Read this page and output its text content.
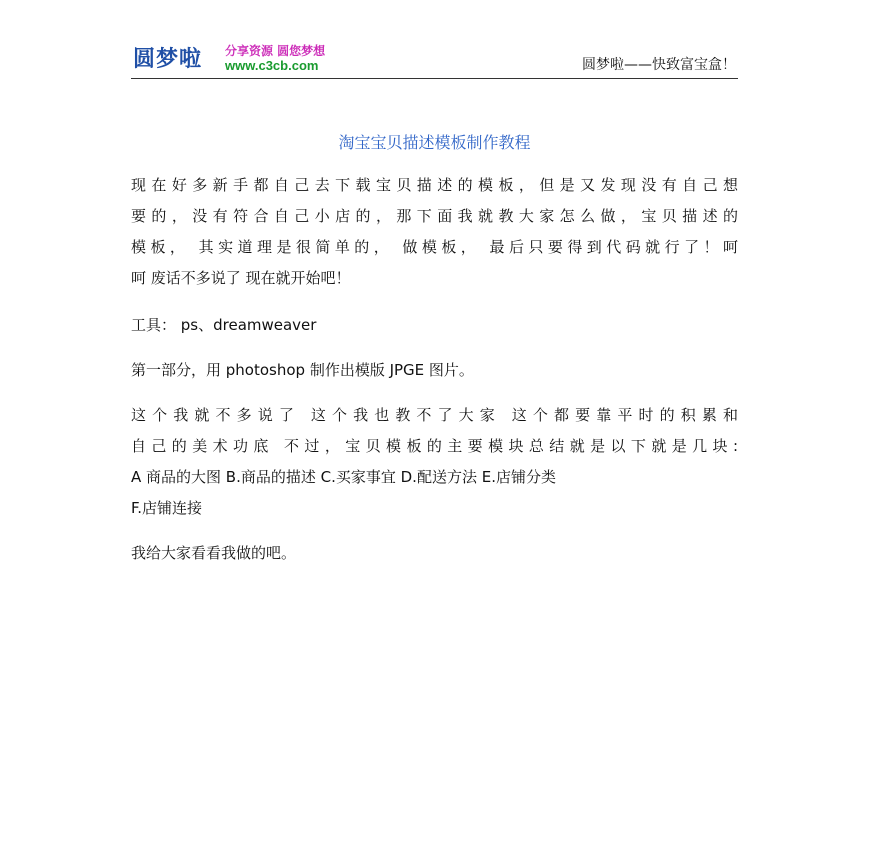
圆梦啦 分享资源 圆您梦想
www.c3cb.com	圆梦啦——快致富宝盒！
淘宝宝贝描述模板制作教程
现在好多新手都自己去下载宝贝描述的模板，但是又发现没有自己想
要的，没有符合自己小店的，那下面我就教大家怎么做，宝贝描述的
模板， 其实道理是很简单的， 做模板， 最后只要得到代码就行了！呵
呵 废话不多说了 现在就开始吧！
工具： ps、dreamweaver
第一部分，用 photoshop 制作出模版 JPGE 图片。
这个我就不多说了 这个我也教不了大家 这个都要靠平时的积累和
自己的美术功底 不过，宝贝模板的主要模块总结就是以下就是几块:
A 商品的大图 B.商品的描述 C.买家事宜 D.配送方法 E.店铺分类
F.店铺连接
我给大家看看我做的吧。
